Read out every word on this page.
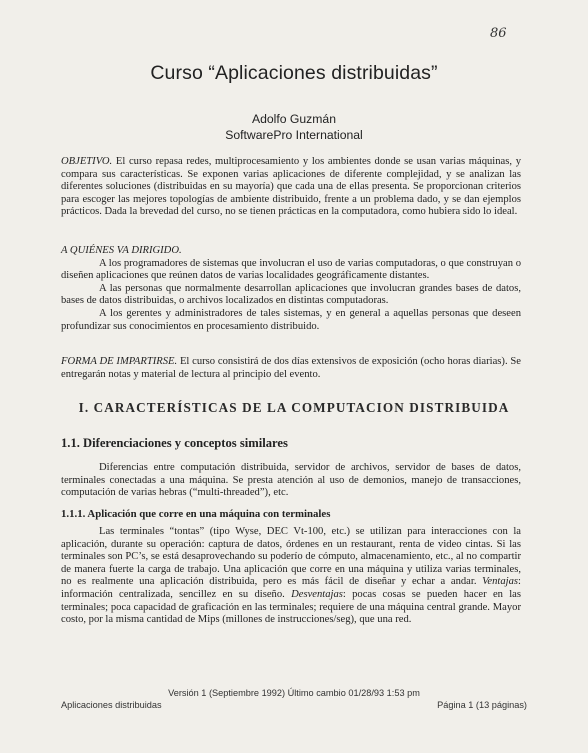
86
Curso “Aplicaciones distribuidas”
Adolfo Guzmán
SoftwarePro International

OBJETIVO. El curso repasa redes, multiprocesamiento y los ambientes donde se usan varias máquinas, y compara sus características. Se exponen varias aplicaciones de diferente complejidad, y se analizan las diferentes soluciones (distribuidas en su mayoría) que cada una de ellas presenta. Se proporcionan criterios para escoger las mejores topologías de ambiente distribuido, frente a un problema dado, y se dan ejemplos prácticos. Dada la brevedad del curso, no se tienen prácticas en la computadora, como hubiera sido lo ideal.

A QUIÉNES VA DIRIGIDO.

A los programadores de sistemas que involucran el uso de varias computadoras, o que construyan o diseñen aplicaciones que reúnen datos de varias localidades geográficamente distantes.

A las personas que normalmente desarrollan aplicaciones que involucran grandes bases de datos, bases de datos distribuidas, o archivos localizados en distintas computadoras.

A los gerentes y administradores de tales sistemas, y en general a aquellas personas que deseen profundizar sus conocimientos en procesamiento distribuido.

FORMA DE IMPARTIRSE. El curso consistirá de dos días extensivos de exposición (ocho horas diarias). Se entregarán notas y material de lectura al principio del evento.

I. CARACTERÍSTICAS DE LA COMPUTACION DISTRIBUIDA
1.1. Diferenciaciones y conceptos similares

Diferencias entre computación distribuida, servidor de archivos, servidor de bases de datos, terminales conectadas a una máquina. Se presta atención al uso de demonios, manejo de transacciones, computación de varias hebras (“multi-threaded”), etc.

1.1.1. Aplicación que corre en una máquina con terminales

Las terminales “tontas” (tipo Wyse, DEC Vt-100, etc.) se utilizan para interacciones con la aplicación, durante su operación: captura de datos, órdenes en un restaurant, renta de video cintas. Si las terminales son PC’s, se está desaprovechando su poderío de cómputo, almacenamiento, etc., al no compartir de manera fuerte la carga de trabajo. Una aplicación que corre en una máquina y utiliza varias terminales, no es realmente una aplicación distribuida, pero es más fácil de diseñar y echar a andar. Ventajas: información centralizada, sencillez en su diseño. Desventajas: pocas cosas se pueden hacer en las terminales; poca capacidad de graficación en las terminales; requiere de una máquina central grande. Mayor costo, por la misma cantidad de Mips (millones de instrucciones/seg), que una red.

Versión 1 (Septiembre 1992) Último cambio 01/28/93 1:53 pm
Aplicaciones distribuidas	Página 1 (13 páginas)
